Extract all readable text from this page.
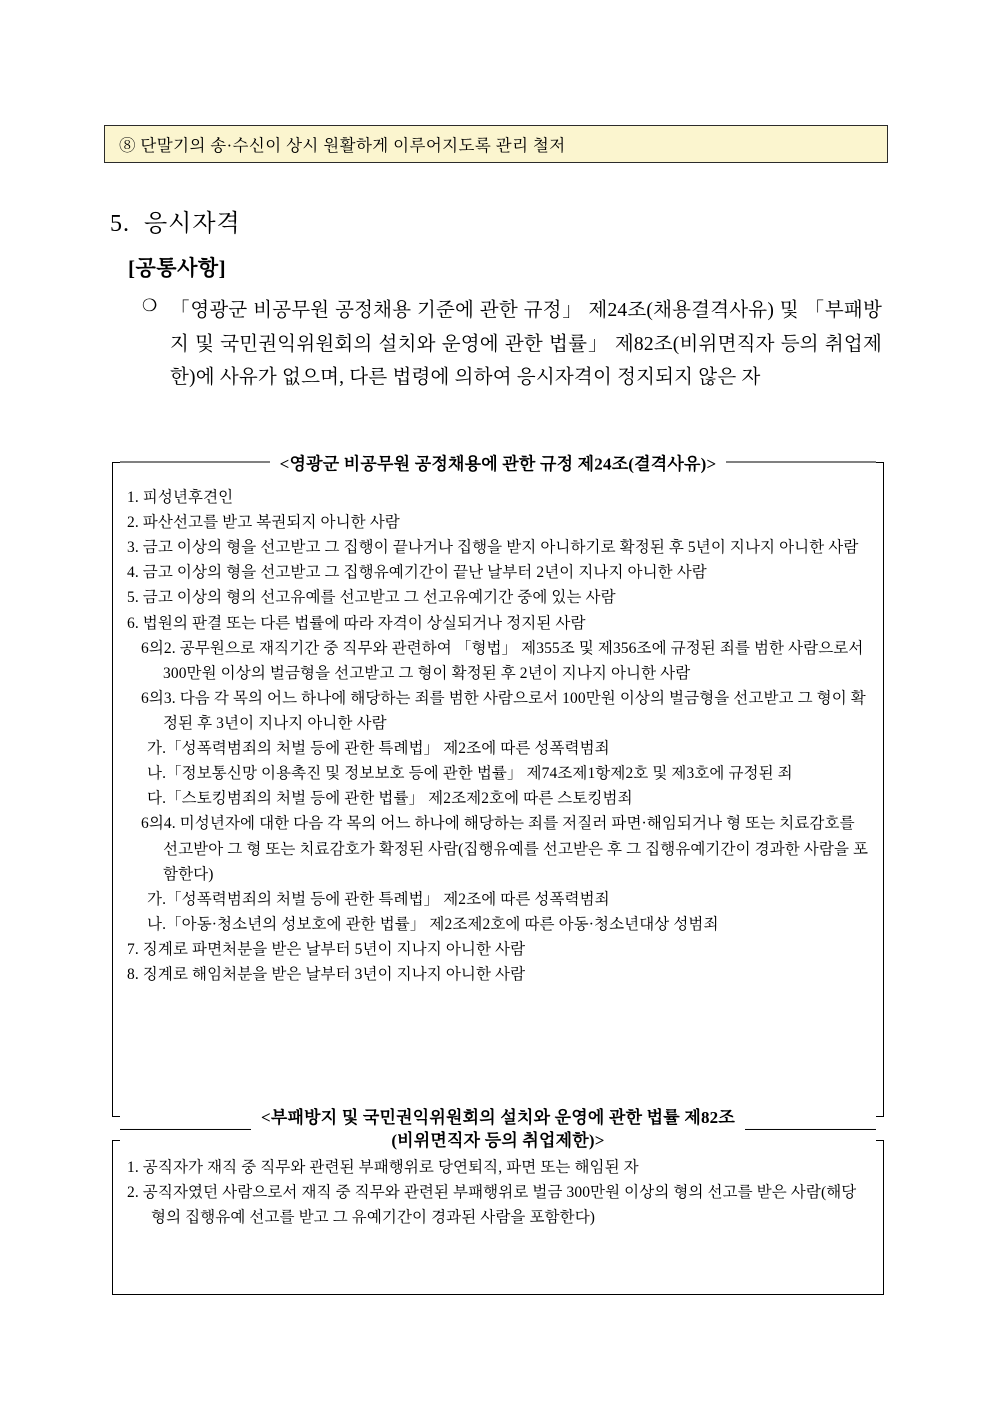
⑧ 단말기의 송·수신이 상시 원활하게 이루어지도록 관리 철저
5. 응시자격
[공통사항]
❍ 「영광군 비공무원 공정채용 기준에 관한 규정」 제24조(채용결격사유) 및 「부패방지 및 국민권익위원회의 설치와 운영에 관한 법률」 제82조(비위면직자 등의 취업제한)에 사유가 없으며, 다른 법령에 의하여 응시자격이 정지되지 않은 자
1. 피성년후견인
2. 파산선고를 받고 복권되지 아니한 사람
3. 금고 이상의 형을 선고받고 그 집행이 끝나거나 집행을 받지 아니하기로 확정된 후 5년이 지나지 아니한 사람
4. 금고 이상의 형을 선고받고 그 집행유예기간이 끝난 날부터 2년이 지나지 아니한 사람
5. 금고 이상의 형의 선고유예를 선고받고 그 선고유예기간 중에 있는 사람
6. 법원의 판결 또는 다른 법률에 따라 자격이 상실되거나 정지된 사람
6의2. 공무원으로 재직기간 중 직무와 관련하여 「형법」 제355조 및 제356조에 규정된 죄를 범한 사람으로서 300만원 이상의 벌금형을 선고받고 그 형이 확정된 후 2년이 지나지 아니한 사람
6의3. 다음 각 목의 어느 하나에 해당하는 죄를 범한 사람으로서 100만원 이상의 벌금형을 선고받고 그 형이 확정된 후 3년이 지나지 아니한 사람
가.「성폭력범죄의 처벌 등에 관한 특례법」 제2조에 따른 성폭력범죄
나.「정보통신망 이용촉진 및 정보보호 등에 관한 법률」 제74조제1항제2호 및 제3호에 규정된 죄
다.「스토킹범죄의 처벌 등에 관한 법률」 제2조제2호에 따른 스토킹범죄
6의4. 미성년자에 대한 다음 각 목의 어느 하나에 해당하는 죄를 저질러 파면·해임되거나 형 또는 치료감호를 선고받아 그 형 또는 치료감호가 확정된 사람(집행유예를 선고받은 후 그 집행유예기간이 경과한 사람을 포함한다)
가.「성폭력범죄의 처벌 등에 관한 특례법」 제2조에 따른 성폭력범죄
나.「아동·청소년의 성보호에 관한 법률」 제2조제2호에 따른 아동·청소년대상 성범죄
7. 징계로 파면처분을 받은 날부터 5년이 지나지 아니한 사람
8. 징계로 해임처분을 받은 날부터 3년이 지나지 아니한 사람
<영광군 비공무원 공정채용에 관한 규정 제24조(결격사유)>
1. 공직자가 재직 중 직무와 관련된 부패행위로 당연퇴직, 파면 또는 해임된 자
2. 공직자였던 사람으로서 재직 중 직무와 관련된 부패행위로 벌금 300만원 이상의 형의 선고를 받은 사람(해당 형의 집행유예 선고를 받고 그 유예기간이 경과된 사람을 포함한다)
<부패방지 및 국민권익위원회의 설치와 운영에 관한 법률 제82조
(비위면직자 등의 취업제한)>
